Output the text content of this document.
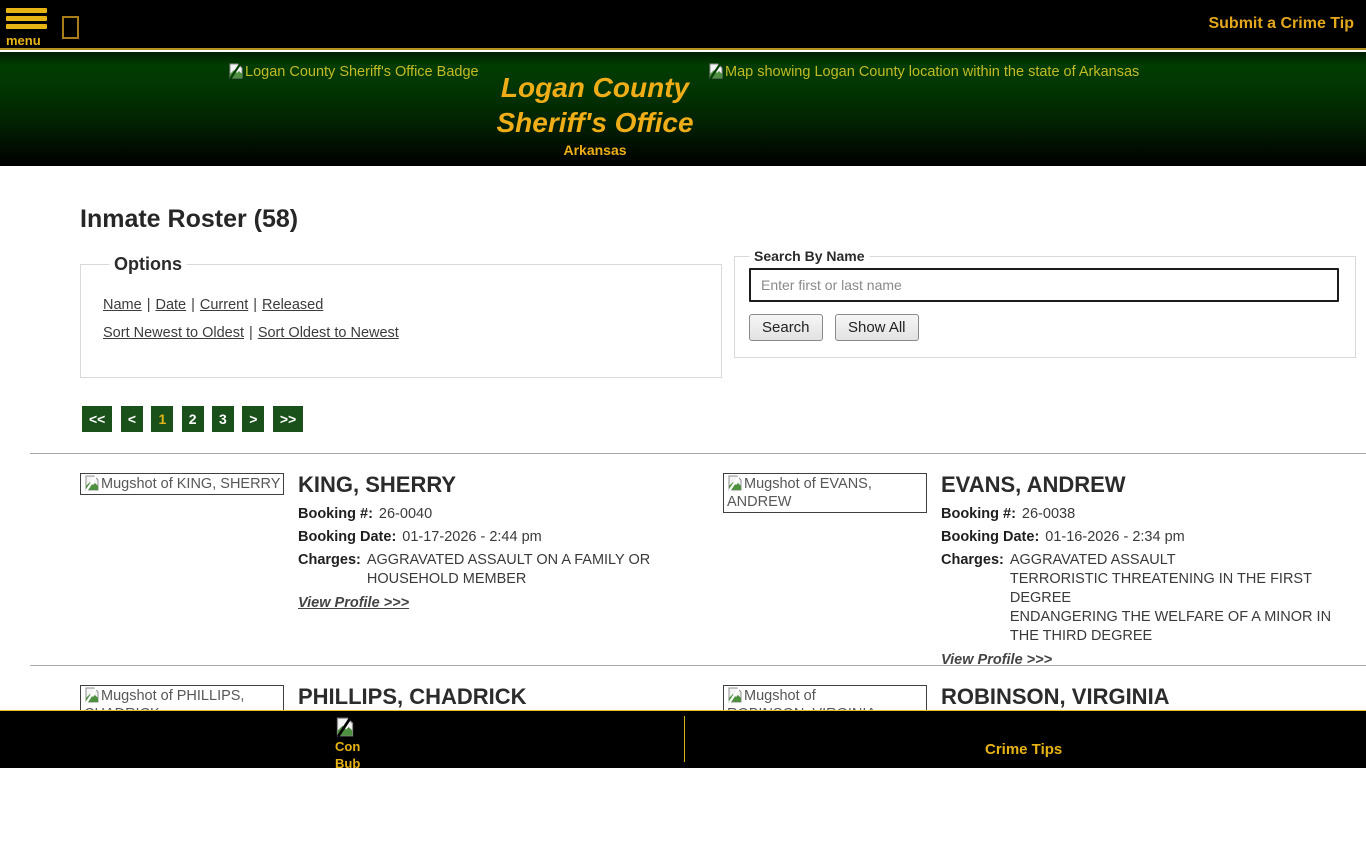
menu
Submit a Crime Tip
Logan County Sheriff's Office Badge Logan County
Sheriff's Office
Arkansas
Map showing Logan County location within the state of Arkansas
Inmate Roster (58)
Options
Name | Date | Current | Released
Sort Newest to Oldest | Sort Oldest to Newest
Search By Name
Enter first or last name
Search	Show All
<< < 1 2 3 > >>
Mugshot of KING, SHERRY KING, SHERRY
Booking #: 26-0040
Booking Date: 01-17-2026 - 2:44 pm
Charges: AGGRAVATED ASSAULT ON A FAMILY OR HOUSEHOLD MEMBER
View Profile >>>
Mugshot of EVANS, ANDREW
EVANS, ANDREW
Booking #: 26-0038
Booking Date: 01-16-2026 - 2:34 pm
Charges: AGGRAVATED ASSAULT
TERRORISTIC THREATENING IN THE FIRST DEGREE
ENDANGERING THE WELFARE OF A MINOR IN THE THIRD DEGREE
View Profile >>>
Mugshot of PHILLIPS, PHILLIPS, CHADRICK	Mugshot of	ROBINSON, VIRGINIA
Con Bub
Crime Tips
